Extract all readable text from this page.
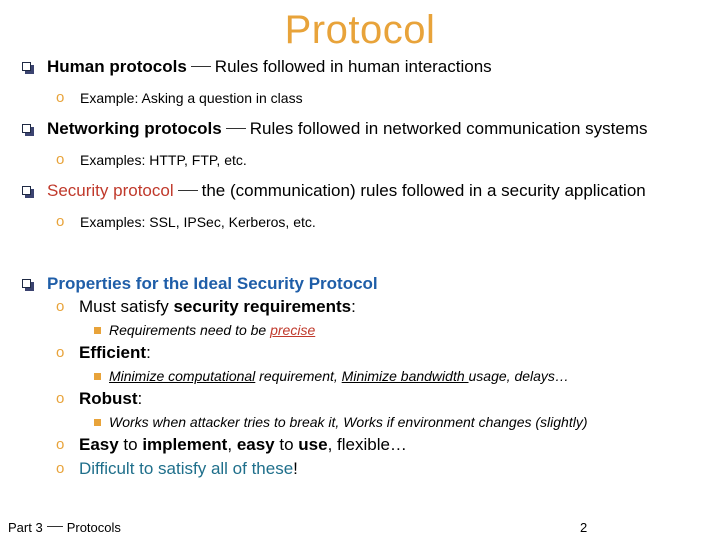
Protocol
Human protocols Rules followed in human interactions
o Example: Asking a question in class
Networking protocols Rules followed in networked communication systems
o Examples: HTTP, FTP, etc.
Security protocol the (communication) rules followed in a security application
o Examples: SSL, IPSec, Kerberos, etc.
Properties for the Ideal Security Protocol
o Must satisfy security requirements:
Requirements need to be precise
o Efficient:
Minimize computational requirement, Minimize bandwidth usage, delays…
o Robust:
Works when attacker tries to break it, Works if environment changes (slightly)
o Easy to implement, easy to use, flexible…
o Difficult to satisfy all of these!
Part 3 Protocols	2
